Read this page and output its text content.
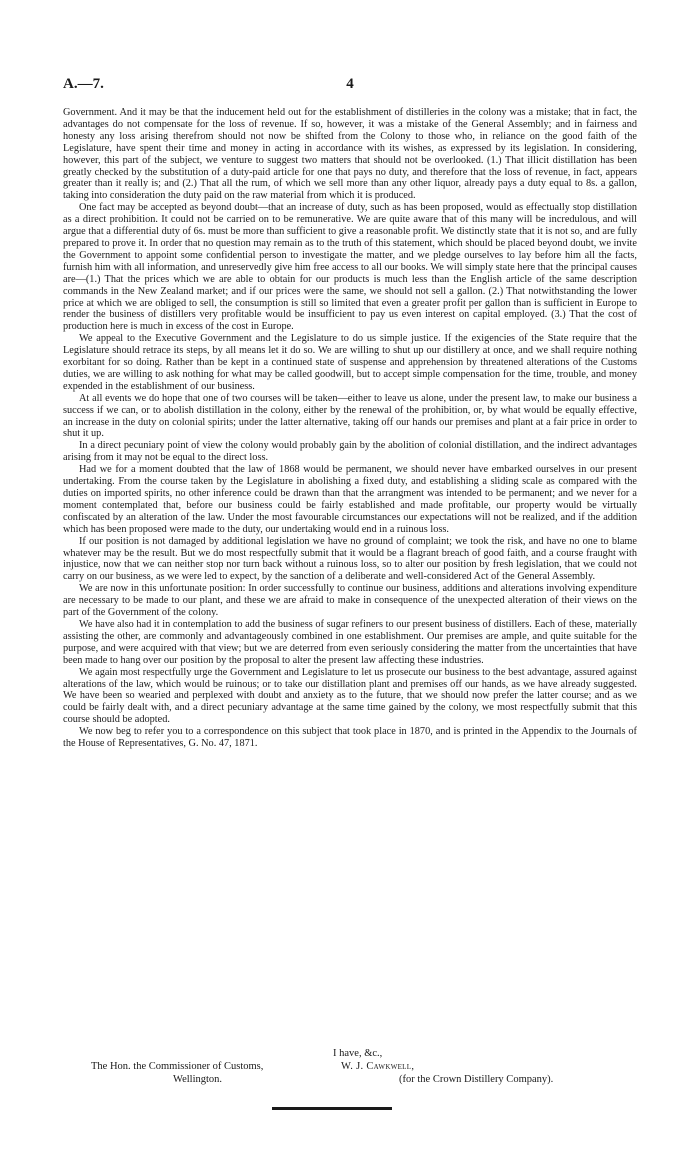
A.—7.	4

Government. And it may be that the inducement held out for the establishment of distilleries in the colony was a mistake; that in fact, the advantages do not compensate for the loss of revenue. If so, however, it was a mistake of the General Assembly; and in fairness and honesty any loss arising therefrom should not now be shifted from the Colony to those who, in reliance on the good faith of the Legislature, have spent their time and money in acting in accordance with its wishes, as expressed by its legislation. In considering, however, this part of the subject, we venture to suggest two matters that should not be overlooked. (1.) That illicit distillation has been greatly checked by the substitution of a duty-paid article for one that pays no duty, and therefore that the loss of revenue, in fact, appears greater than it really is; and (2.) That all the rum, of which we sell more than any other liquor, already pays a duty equal to 8s. a gallon, taking into consideration the duty paid on the raw material from which it is produced.

One fact may be accepted as beyond doubt—that an increase of duty, such as has been proposed, would as effectually stop distillation as a direct prohibition. It could not be carried on to be remunerative. We are quite aware that of this many will be incredulous, and will argue that a differential duty of 6s. must be more than sufficient to give a reasonable profit. We distinctly state that it is not so, and are fully prepared to prove it. In order that no question may remain as to the truth of this statement, which should be placed beyond doubt, we invite the Government to appoint some confidential person to investigate the matter, and we pledge ourselves to lay before him all the facts, furnish him with all information, and unreservedly give him free access to all our books. We will simply state here that the principal causes are—(1.) That the prices which we are able to obtain for our products is much less than the English article of the same description commands in the New Zealand market; and if our prices were the same, we should not sell a gallon. (2.) That notwithstanding the lower price at which we are obliged to sell, the consumption is still so limited that even a greater profit per gallon than is sufficient in Europe to render the business of distillers very profitable would be insufficient to pay us even interest on capital employed. (3.) That the cost of production here is much in excess of the cost in Europe.

We appeal to the Executive Government and the Legislature to do us simple justice. If the exigencies of the State require that the Legislature should retrace its steps, by all means let it do so. We are willing to shut up our distillery at once, and we shall require nothing exorbitant for so doing. Rather than be kept in a continued state of suspense and apprehension by threatened alterations of the Customs duties, we are willing to ask nothing for what may be called goodwill, but to accept simple compensation for the time, trouble, and money expended in the establishment of our business.

At all events we do hope that one of two courses will be taken—either to leave us alone, under the present law, to make our business a success if we can, or to abolish distillation in the colony, either by the renewal of the prohibition, or, by what would be equally effective, an increase in the duty on colonial spirits; under the latter alternative, taking off our hands our premises and plant at a fair price in order to shut it up.

In a direct pecuniary point of view the colony would probably gain by the abolition of colonial distillation, and the indirect advantages arising from it may not be equal to the direct loss.

Had we for a moment doubted that the law of 1868 would be permanent, we should never have embarked ourselves in our present undertaking. From the course taken by the Legislature in abolishing a fixed duty, and establishing a sliding scale as compared with the duties on imported spirits, no other inference could be drawn than that the arrangment was intended to be permanent; and we never for a moment contemplated that, before our business could be fairly established and made profitable, our property would be virtually confiscated by an alteration of the law. Under the most favourable circumstances our expectations will not be realized, and if the addition which has been proposed were made to the duty, our undertaking would end in a ruinous loss.

If our position is not damaged by additional legislation we have no ground of complaint; we took the risk, and have no one to blame whatever may be the result. But we do most respectfully submit that it would be a flagrant breach of good faith, and a course fraught with injustice, now that we can neither stop nor turn back without a ruinous loss, so to alter our position by fresh legislation, that we could not carry on our business, as we were led to expect, by the sanction of a deliberate and well-considered Act of the General Assembly.

We are now in this unfortunate position: In order successfully to continue our business, additions and alterations involving expenditure are necessary to be made to our plant, and these we are afraid to make in consequence of the unexpected alteration of their views on the part of the Government of the colony.

We have also had it in contemplation to add the business of sugar refiners to our present business of distillers. Each of these, materially assisting the other, are commonly and advantageously combined in one establishment. Our premises are ample, and quite suitable for the purpose, and were acquired with that view; but we are deterred from even seriously considering the matter from the uncertainties that have been made to hang over our position by the proposal to alter the present law affecting these industries.

We again most respectfully urge the Government and Legislature to let us prosecute our business to the best advantage, assured against alterations of the law, which would be ruinous; or to take our distillation plant and premises off our hands, as we have already suggested. We have been so wearied and perplexed with doubt and anxiety as to the future, that we should now prefer the latter course; and as we could be fairly dealt with, and a direct pecuniary advantage at the same time gained by the colony, we most respectfully submit that this course should be adopted.

We now beg to refer you to a correspondence on this subject that took place in 1870, and is printed in the Appendix to the Journals of the House of Representatives, G. No. 47, 1871.

I have, &c.,
The Hon. the Commissioner of Customs,	W. J. Cawkwell,
Wellington.	(for the Crown Distillery Company).
